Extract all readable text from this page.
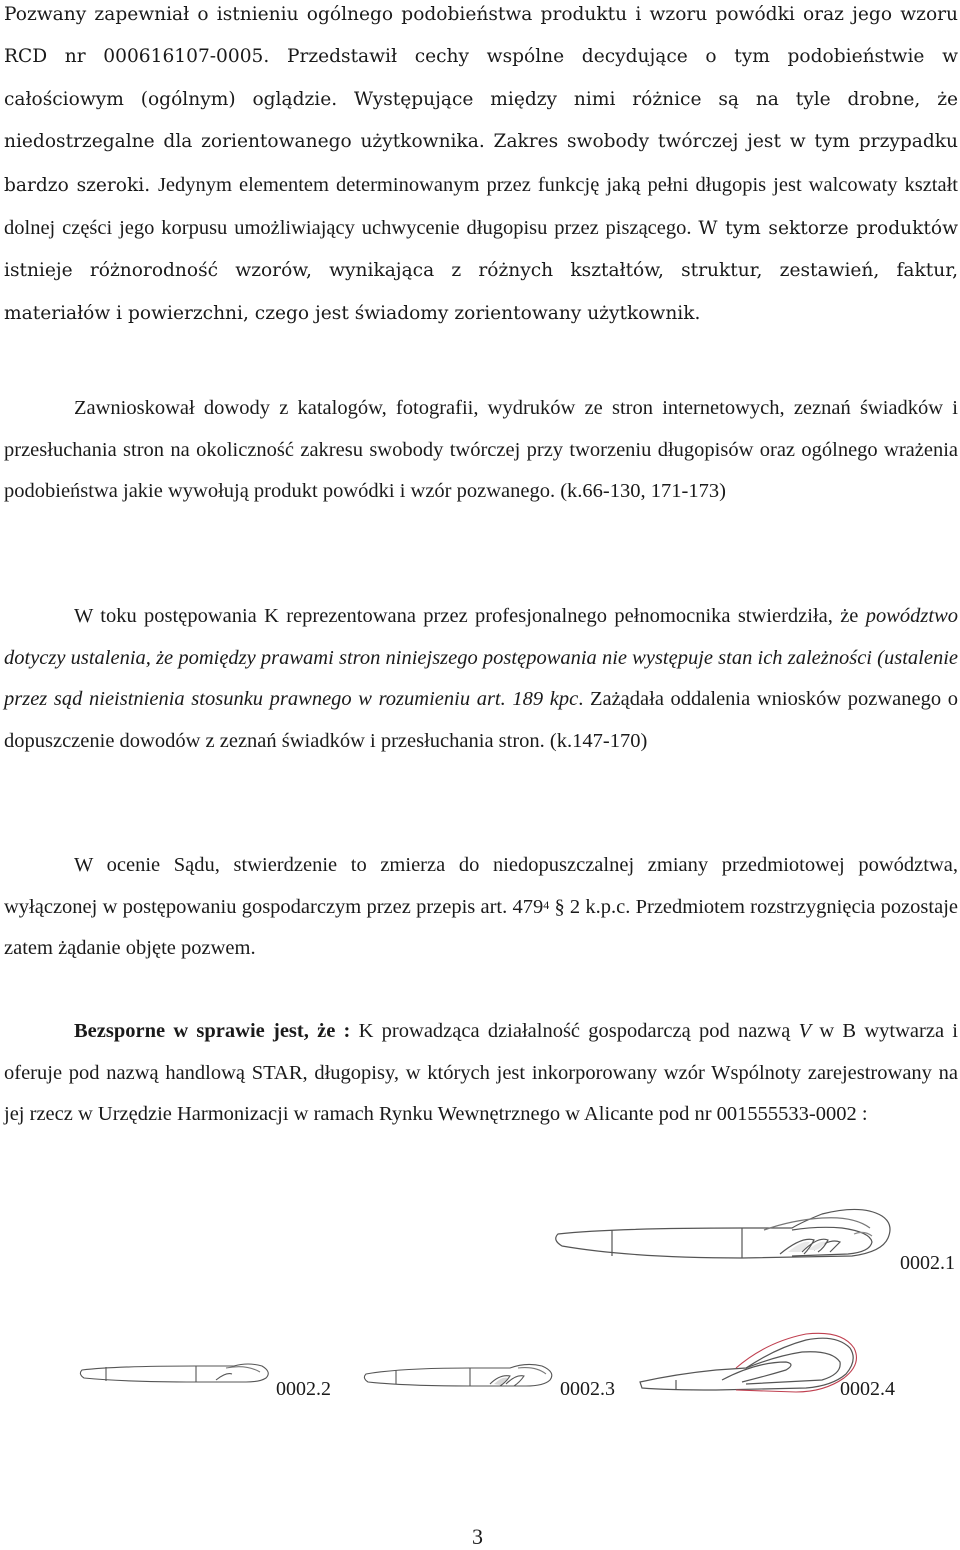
Pozwany zapewniał o istnieniu ogólnego podobieństwa produktu i wzoru powódki oraz jego wzoru RCD nr 000616107-0005. Przedstawił cechy wspólne decydujące o tym podobieństwie w całościowym (ogólnym) oglądzie. Występujące między nimi różnice są na tyle drobne, że niedostrzegalne dla zorientowanego użytkownika. Zakres swobody twórczej jest w tym przypadku bardzo szeroki. Jedynym elementem determinowanym przez funkcję jaką pełni długopis jest walcowaty kształt dolnej części jego korpusu umożliwiający uchwycenie długopisu przez piszącego. W tym sektorze produktów istnieje różnorodność wzorów, wynikająca z różnych kształtów, struktur, zestawień, faktur, materiałów i powierzchni, czego jest świadomy zorientowany użytkownik.

Zawnioskował dowody z katalogów, fotografii, wydruków ze stron internetowych, zeznań świadków i przesłuchania stron na okoliczność zakresu swobody twórczej przy tworzeniu długopisów oraz ogólnego wrażenia podobieństwa jakie wywołują produkt powódki i wzór pozwanego. (k.66-130, 171-173)

W toku postępowania K reprezentowana przez profesjonalnego pełnomocnika stwierdziła, że powództwo dotyczy ustalenia, że pomiędzy prawami stron niniejszego postępowania nie występuje stan ich zależności (ustalenie przez sąd nieistnienia stosunku prawnego w rozumieniu art. 189 kpc. Zażądała oddalenia wniosków pozwanego o dopuszczenie dowodów z zeznań świadków i przesłuchania stron. (k.147-170)

W ocenie Sądu, stwierdzenie to zmierza do niedopuszczalnej zmiany przedmiotowej powództwa, wyłączonej w postępowaniu gospodarczym przez przepis art. $479^4$ § 2 k.p.c. Przedmiotem rozstrzygnięcia pozostaje zatem żądanie objęte pozwem.

Bezsporne w sprawie jest, że : K prowadząca działalność gospodarczą pod nazwą V w B wytwarza i oferuje pod nazwą handlową STAR, długopisy, w których jest inkorporowany wzór Wspólnoty zarejestrowany na jej rzecz w Urzędzie Harmonizacji w ramach Rynku Wewnętrznego w Alicante pod nr 001555533-0002 :

0002.1
0002.2	0002.3	0002.4
3
